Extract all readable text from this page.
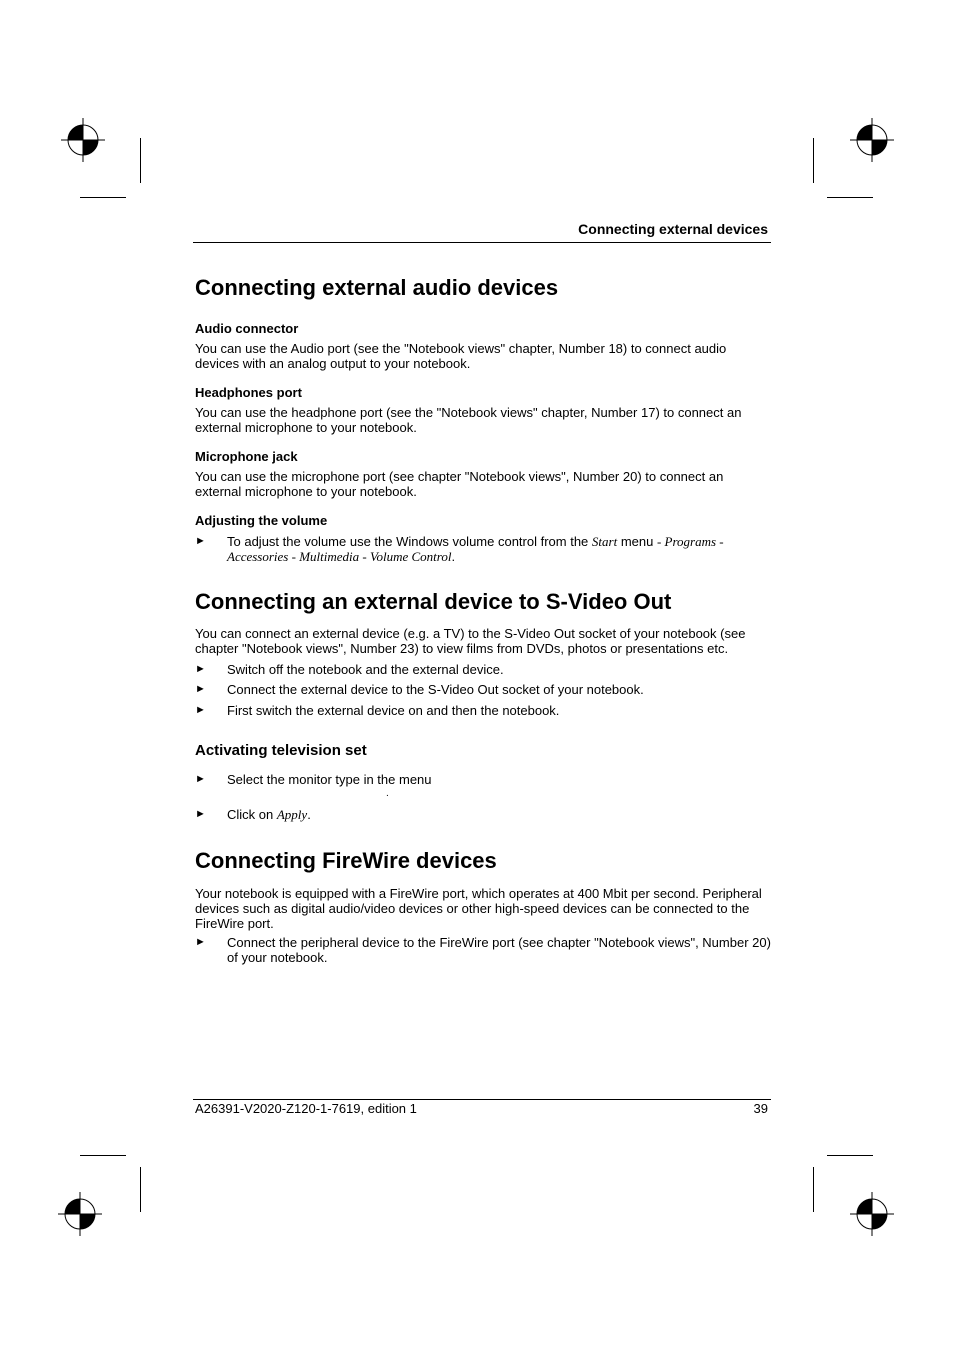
Connecting external devices
Connecting external audio devices
Audio connector

You can use the Audio port (see the "Notebook views" chapter, Number 18) to connect audio devices with an analog output to your notebook.

Headphones port

You can use the headphone port (see the "Notebook views" chapter, Number 17) to connect an external microphone to your notebook.

Microphone jack

You can use the microphone port (see chapter "Notebook views", Number 20) to connect an external microphone to your notebook.

Adjusting the volume
► To adjust the volume use the Windows volume control from the Start menu - Programs - Accessories - Multimedia - Volume Control.
Connecting an external device to S-Video Out

You can connect an external device (e.g. a TV) to the S-Video Out socket of your notebook (see chapter "Notebook views", Number 23) to view films from DVDs, photos or presentations etc.

► Switch off the notebook and the external device.
► Connect the external device to the S-Video Out socket of your notebook.
► First switch the external device on and then the notebook.
Activating television set
► Select the monitor type in the menu
► Click on Apply.
Connecting FireWire devices

Your notebook is equipped with a FireWire port, which operates at 400 Mbit per second. Peripheral devices such as digital audio/video devices or other high-speed devices can be connected to the FireWire port.

► Connect the peripheral device to the FireWire port (see chapter "Notebook views", Number 20) of your notebook.
.
A26391-V2020-Z120-1-7619, edition 1	39
